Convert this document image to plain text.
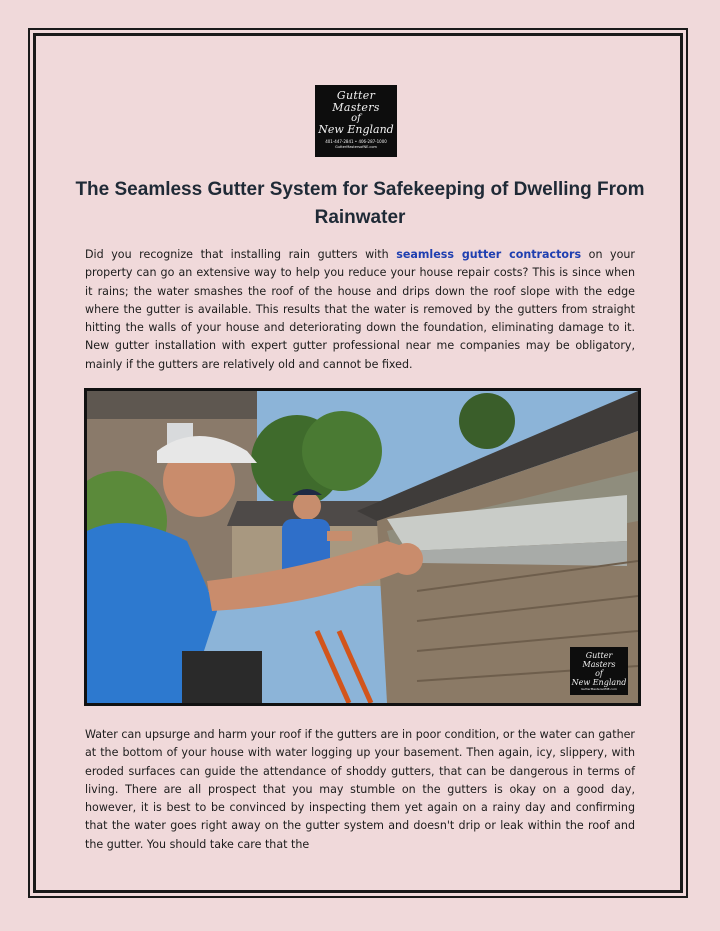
Gutter Masters
of
New England
401-447-2841 • 406-287-1000
GutterMastersofNE.com
The Seamless Gutter System for Safekeeping of Dwelling From Rainwater

Did you recognize that installing rain gutters with seamless gutter contractors on your property can go an extensive way to help you reduce your house repair costs? This is since when it rains; the water smashes the roof of the house and drips down the roof slope with the edge where the gutter is available. This results that the water is removed by the gutters from straight hitting the walls of your house and deteriorating down the foundation, eliminating damage to it. New gutter installation with expert gutter professional near me companies may be obligatory, mainly if the gutters are relatively old and cannot be fixed.

Gutter Masters
of
New England
GutterMastersofNE.com

Water can upsurge and harm your roof if the gutters are in poor condition, or the water can gather at the bottom of your house with water logging up your basement. Then again, icy, slippery, with eroded surfaces can guide the attendance of shoddy gutters, that can be dangerous in terms of living. There are all prospect that you may stumble on the gutters is okay on a good day, however, it is best to be convinced by inspecting them yet again on a rainy day and confirming that the water goes right away on the gutter system and doesn't drip or leak within the roof and the gutter. You should take care that the
